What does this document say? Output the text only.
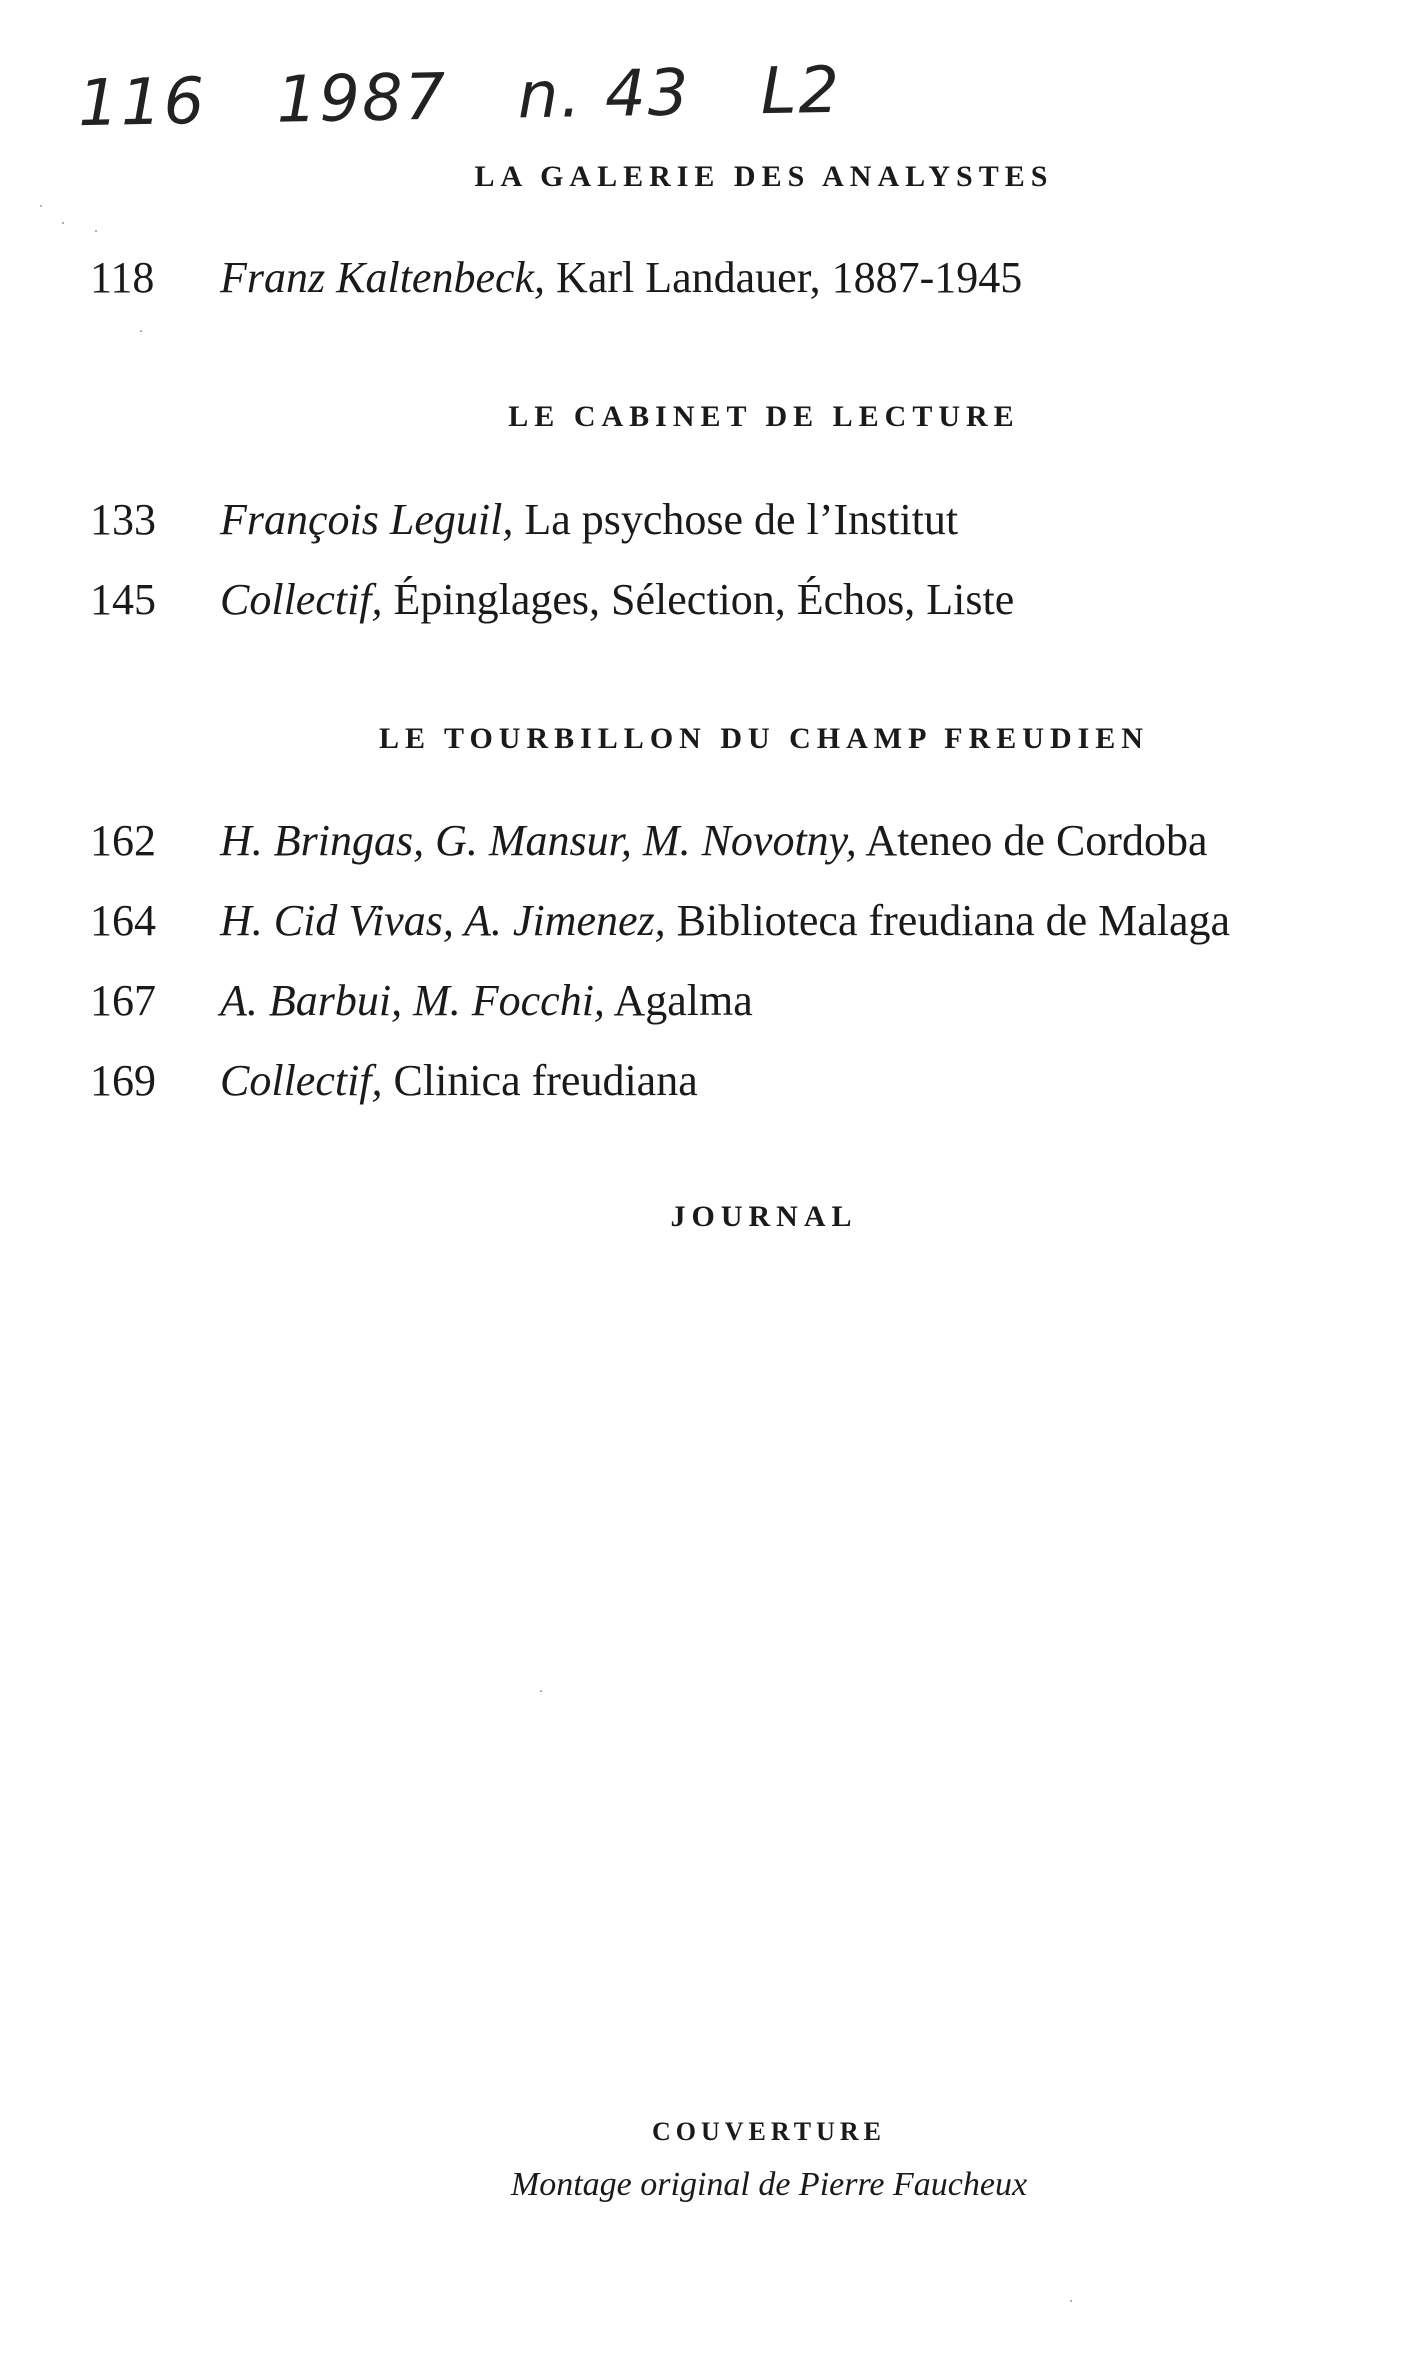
116 1987 n. 43 L2
LA GALERIE DES ANALYSTES
118 Franz Kaltenbeck, Karl Landauer, 1887-1945
LE CABINET DE LECTURE
133 François Leguil, La psychose de l’Institut
145 Collectif, Épinglages, Sélection, Échos, Liste
LE TOURBILLON DU CHAMP FREUDIEN
162 H. Bringas, G. Mansur, M. Novotny, Ateneo de Cordoba
164 H. Cid Vivas, A. Jimenez, Biblioteca freudiana de Malaga
167 A. Barbui, M. Focchi, Agalma
169 Collectif, Clinica freudiana
JOURNAL
COUVERTURE
Montage original de Pierre Faucheux
